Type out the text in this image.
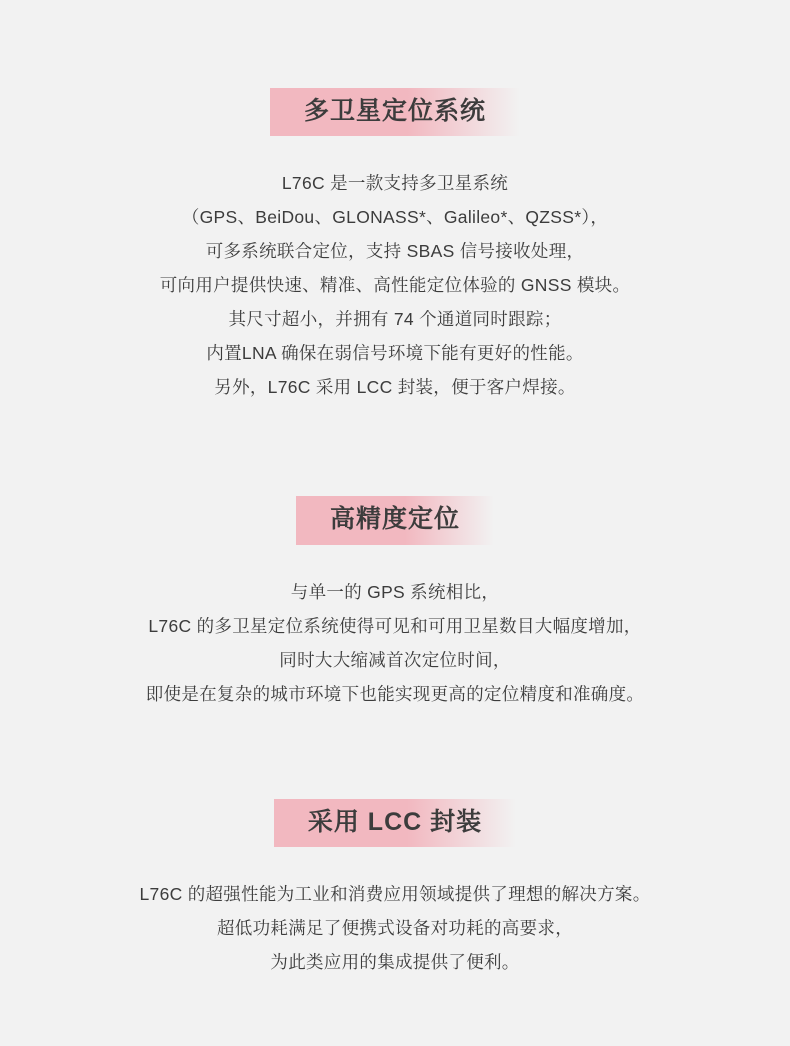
多卫星定位系统
L76C 是一款支持多卫星系统
（GPS、BeiDou、GLONASS*、Galileo*、QZSS*），
可多系统联合定位，支持 SBAS 信号接收处理，
可向用户提供快速、精准、高性能定位体验的 GNSS 模块。
其尺寸超小，并拥有 74 个通道同时跟踪；
内置LNA 确保在弱信号环境下能有更好的性能。
另外，L76C 采用 LCC 封装，便于客户焊接。
高精度定位
与单一的 GPS 系统相比，
L76C 的多卫星定位系统使得可见和可用卫星数目大幅度增加，
同时大大缩减首次定位时间，
即使是在复杂的城市环境下也能实现更高的定位精度和准确度。
采用 LCC 封装
L76C 的超强性能为工业和消费应用领域提供了理想的解决方案。
超低功耗满足了便携式设备对功耗的高要求，
为此类应用的集成提供了便利。
